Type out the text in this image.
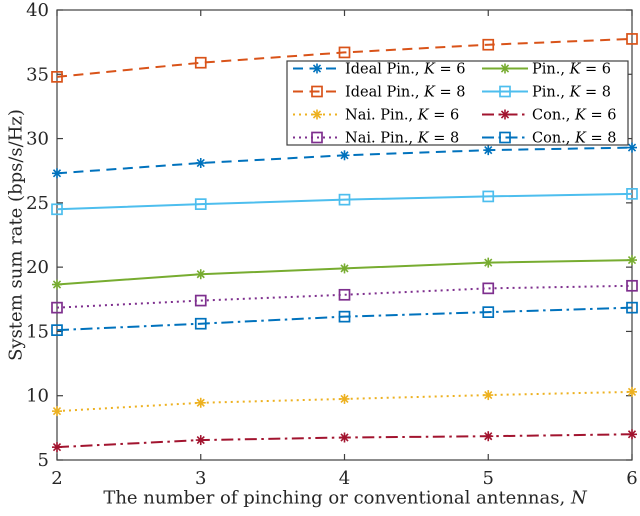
2	3	4	5	6
5
10
15
20
25
30
35
40
Ideal Pin., K = 6
Ideal Pin., K = 8
Nai. Pin., K = 6
Nai. Pin., K = 8
Pin., K = 6
Pin., K = 8
Con., K = 6
Con., K = 8
System sum rate (bps/s/Hz)
The number of pinching or conventional antennas, N
